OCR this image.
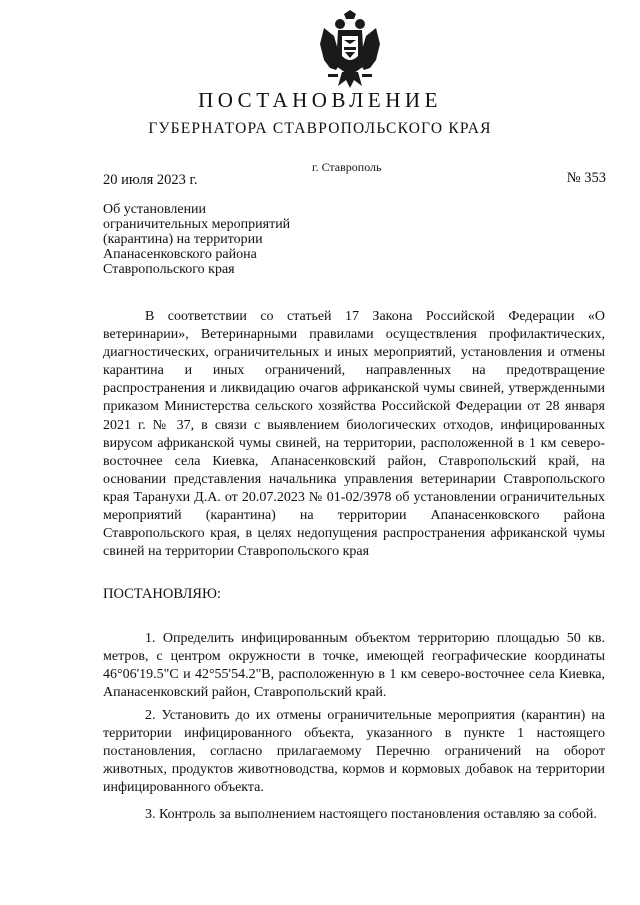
ПОСТАНОВЛЕНИЕ
ГУБЕРНАТОРА СТАВРОПОЛЬСКОГО КРАЯ
г. Ставрополь
20 июля 2023 г.	№ 353
Об установлении
ограничительных мероприятий
(карантина) на территории
Апанасенковского района
Ставропольского края

В соответствии со статьей 17 Закона Российской Федерации «О ветеринарии», Ветеринарными правилами осуществления профилактических, диагностических, ограничительных и иных мероприятий, установления и отмены карантина и иных ограничений, направленных на предотвращение распространения и ликвидацию очагов африканской чумы свиней, утвержденными приказом Министерства сельского хозяйства Российской Федерации от 28 января 2021 г. № 37, в связи с выявлением биологических отходов, инфицированных вирусом африканской чумы свиней, на территории, расположенной в 1 км северо-восточнее села Киевка, Апанасенковский район, Ставропольский край, на основании представления начальника управления ветеринарии Ставропольского края Таранухи Д.А. от 20.07.2023 № 01-02/3978 об установлении ограничительных мероприятий (карантина) на территории Апанасенковского района Ставропольского края, в целях недопущения распространения африканской чумы свиней на территории Ставропольского края

ПОСТАНОВЛЯЮ:

1. Определить инфицированным объектом территорию площадью 50 кв. метров, с центром окружности в точке, имеющей географические координаты 46°06'19.5"С и 42°55'54.2"В, расположенную в 1 км северо-восточнее села Киевка, Апанасенковский район, Ставропольский край.

2. Установить до их отмены ограничительные мероприятия (карантин) на территории инфицированного объекта, указанного в пункте 1 настоящего постановления, согласно прилагаемому Перечню ограничений на оборот животных, продуктов животноводства, кормов и кормовых добавок на территории инфицированного объекта.

3. Контроль за выполнением настоящего постановления оставляю за собой.
